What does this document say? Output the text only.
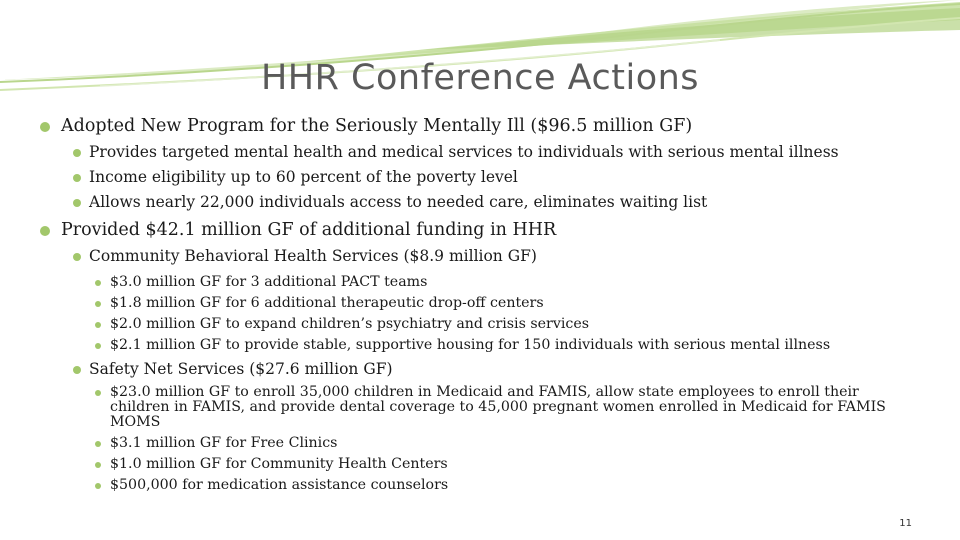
HHR Conference Actions
Adopted New Program for the Seriously Mentally Ill ($96.5 million GF)
Provides targeted mental health and medical services to individuals with serious mental illness
Income eligibility up to 60 percent of the poverty level
Allows nearly 22,000 individuals access to needed care, eliminates waiting list
Provided $42.1 million GF of additional funding in HHR
Community Behavioral Health Services ($8.9 million GF)
$3.0 million GF for 3 additional PACT teams
$1.8 million GF for 6 additional therapeutic drop-off centers
$2.0 million GF to expand children’s psychiatry and crisis services
$2.1 million GF to provide stable, supportive housing for 150 individuals with serious mental illness
Safety Net Services ($27.6 million GF)
$23.0 million GF to enroll 35,000 children in Medicaid and FAMIS, allow state employees to enroll their children in FAMIS, and provide dental coverage to 45,000 pregnant women enrolled in Medicaid for FAMIS MOMS
$3.1 million GF for Free Clinics
$1.0 million GF for Community Health Centers
$500,000 for medication assistance counselors
11
